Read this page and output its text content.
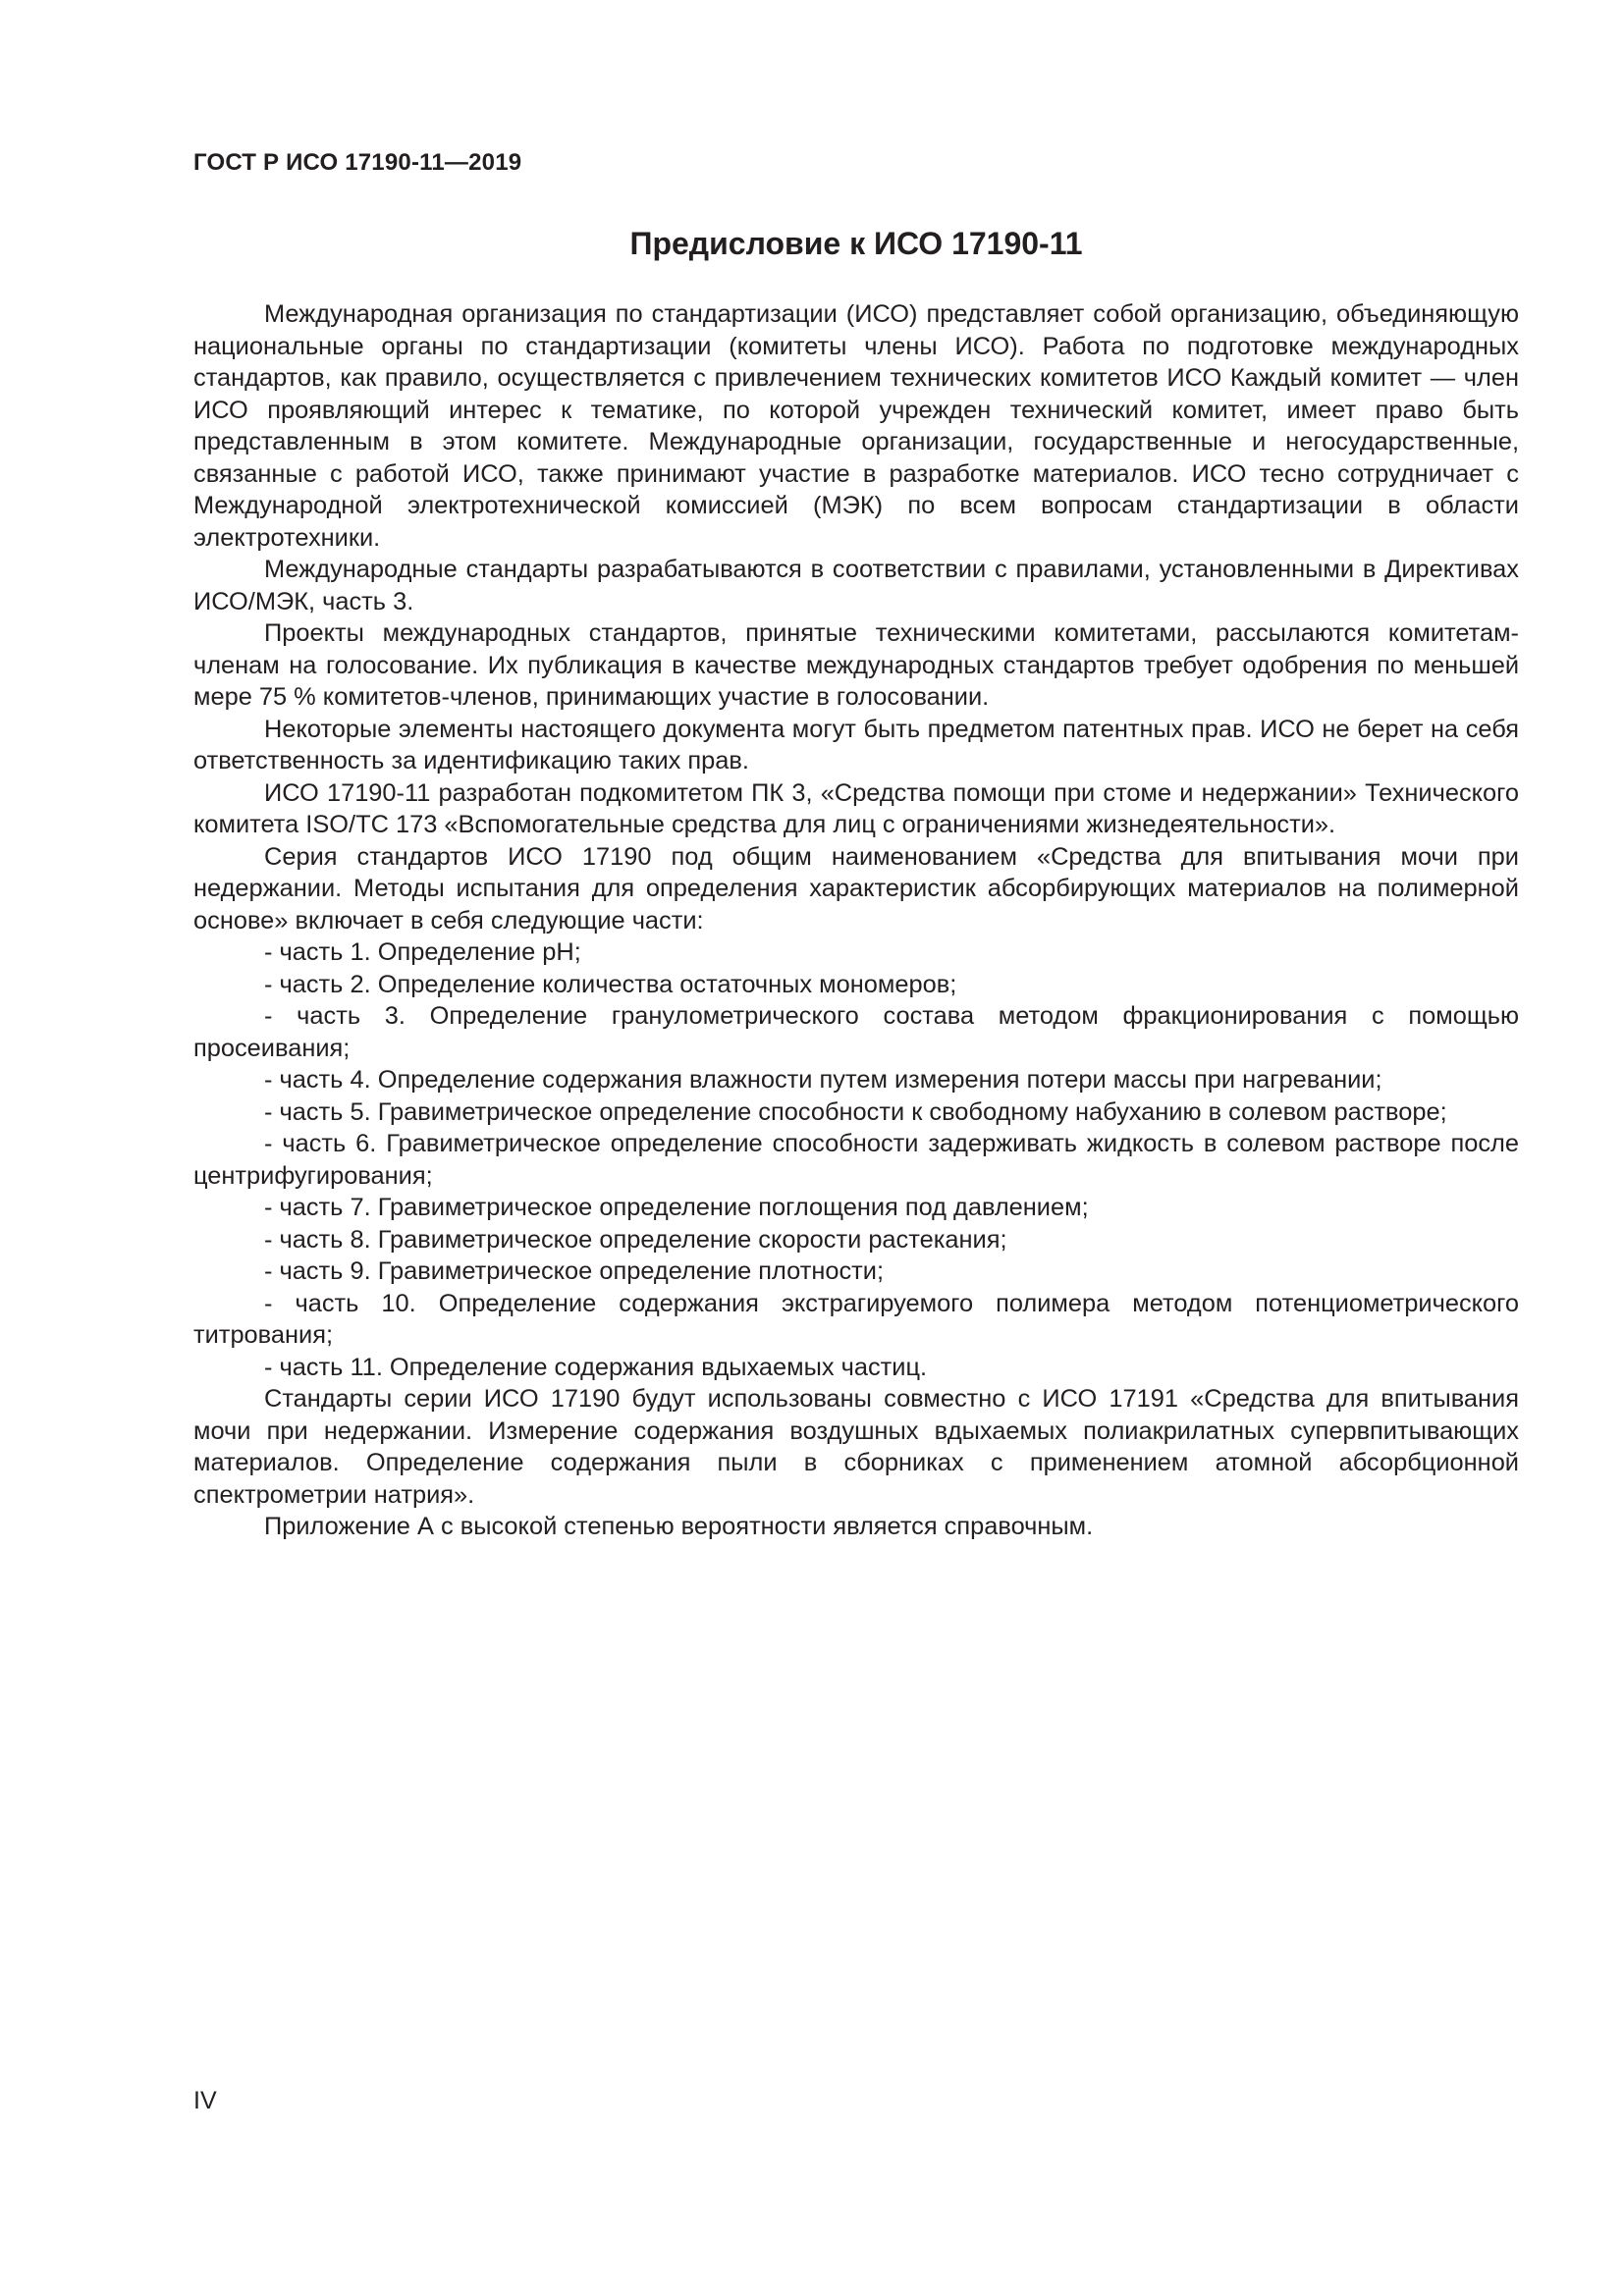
ГОСТ Р ИСО 17190-11—2019
Предисловие к ИСО 17190-11

Международная организация по стандартизации (ИСО) представляет собой организацию, объединяющую национальные органы по стандартизации (комитеты члены ИСО). Работа по подготовке международных стандартов, как правило, осуществляется с привлечением технических комитетов ИСО Каждый комитет — член ИСО проявляющий интерес к тематике, по которой учрежден технический комитет, имеет право быть представленным в этом комитете. Международные организации, государственные и негосударственные, связанные с работой ИСО, также принимают участие в разработке материалов. ИСО тесно сотрудничает с Международной электротехнической комиссией (МЭК) по всем вопросам стандартизации в области электротехники.

Международные стандарты разрабатываются в соответствии с правилами, установленными в Директивах ИСО/МЭК, часть 3.

Проекты международных стандартов, принятые техническими комитетами, рассылаются комитетам-членам на голосование. Их публикация в качестве международных стандартов требует одобрения по меньшей мере 75 % комитетов-членов, принимающих участие в голосовании.

Некоторые элементы настоящего документа могут быть предметом патентных прав. ИСО не берет на себя ответственность за идентификацию таких прав.

ИСО 17190-11 разработан подкомитетом ПК 3, «Средства помощи при стоме и недержании» Технического комитета ISO/TC 173 «Вспомогательные средства для лиц с ограничениями жизнедеятельности».

Серия стандартов ИСО 17190 под общим наименованием «Средства для впитывания мочи при недержании. Методы испытания для определения характеристик абсорбирующих материалов на полимерной основе» включает в себя следующие части:

- часть 1. Определение рН;

- часть 2. Определение количества остаточных мономеров;

- часть 3. Определение гранулометрического состава методом фракционирования с помощью просеивания;

- часть 4. Определение содержания влажности путем измерения потери массы при нагревании;

- часть 5. Гравиметрическое определение способности к свободному набуханию в солевом растворе;

- часть 6. Гравиметрическое определение способности задерживать жидкость в солевом растворе после центрифугирования;

- часть 7. Гравиметрическое определение поглощения под давлением;

- часть 8. Гравиметрическое определение скорости растекания;

- часть 9. Гравиметрическое определение плотности;

- часть 10. Определение содержания экстрагируемого полимера методом потенциометрического титрования;

- часть 11. Определение содержания вдыхаемых частиц.

Стандарты серии ИСО 17190 будут использованы совместно с ИСО 17191 «Средства для впитывания мочи при недержании. Измерение содержания воздушных вдыхаемых полиакрилатных супервпитывающих материалов. Определение содержания пыли в сборниках с применением атомной абсорбционной спектрометрии натрия».

Приложение А с высокой степенью вероятности является справочным.

IV
